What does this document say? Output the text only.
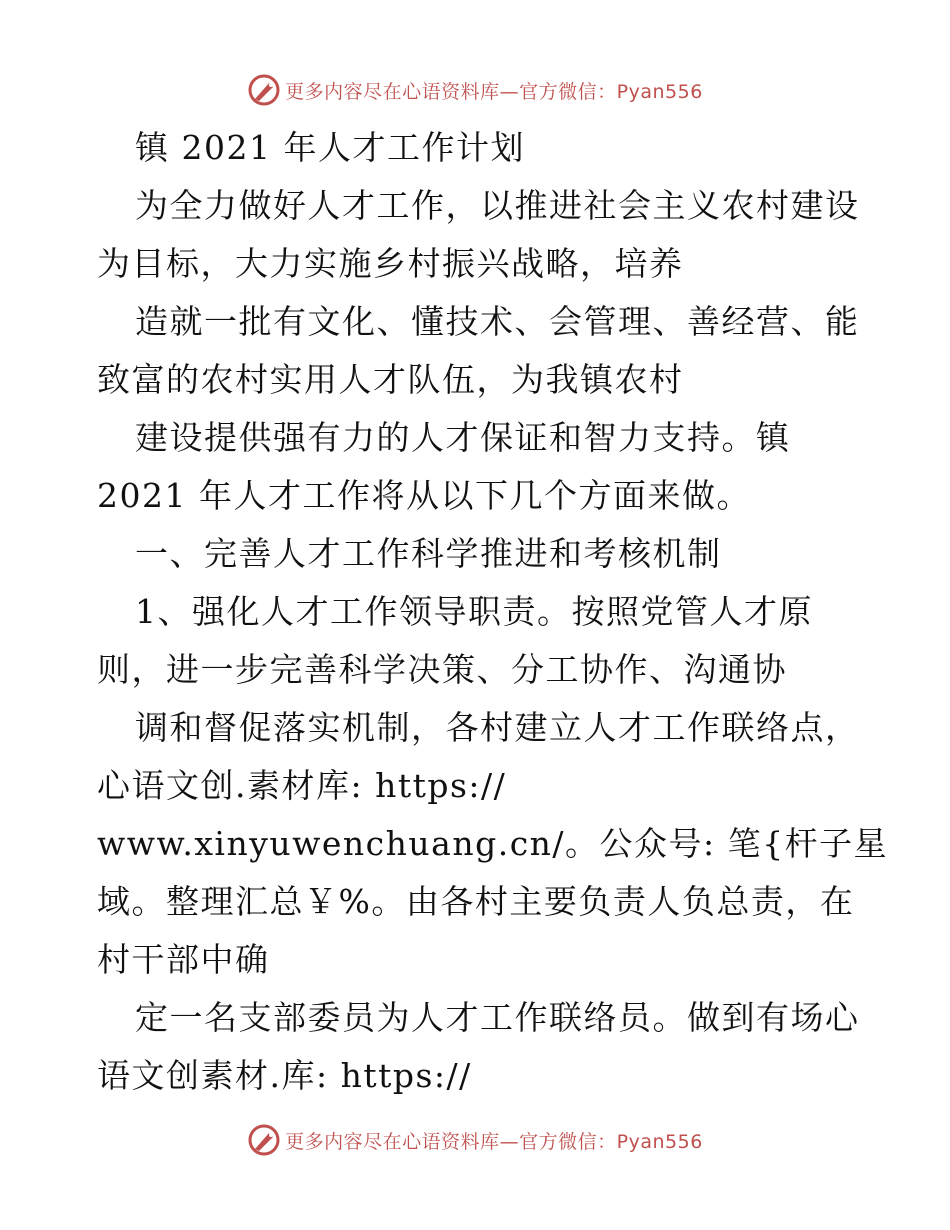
更多内容尽在心语资料库—官方微信：Pyan556
镇 2021 年人才工作计划
为全力做好人才工作，以推进社会主义农村建设
为目标，大力实施乡村振兴战略，培养
造就一批有文化、懂技术、会管理、善经营、能
致富的农村实用人才队伍，为我镇农村
建设提供强有力的人才保证和智力支持。镇
2021 年人才工作将从以下几个方面来做。
一、完善人才工作科学推进和考核机制
1、强化人才工作领导职责。按照党管人才原
则，进一步完善科学决策、分工协作、沟通协
调和督促落实机制，各村建立人才工作联络点，
心语文创.素材库: https://
www.xinyuwenchuang.cn/。公众号: 笔{杆子星
域。整理汇总￥%。由各村主要负责人负总责，在
村干部中确
定一名支部委员为人才工作联络员。做到有场心
语文创素材.库: https://
更多内容尽在心语资料库—官方微信：Pyan556
